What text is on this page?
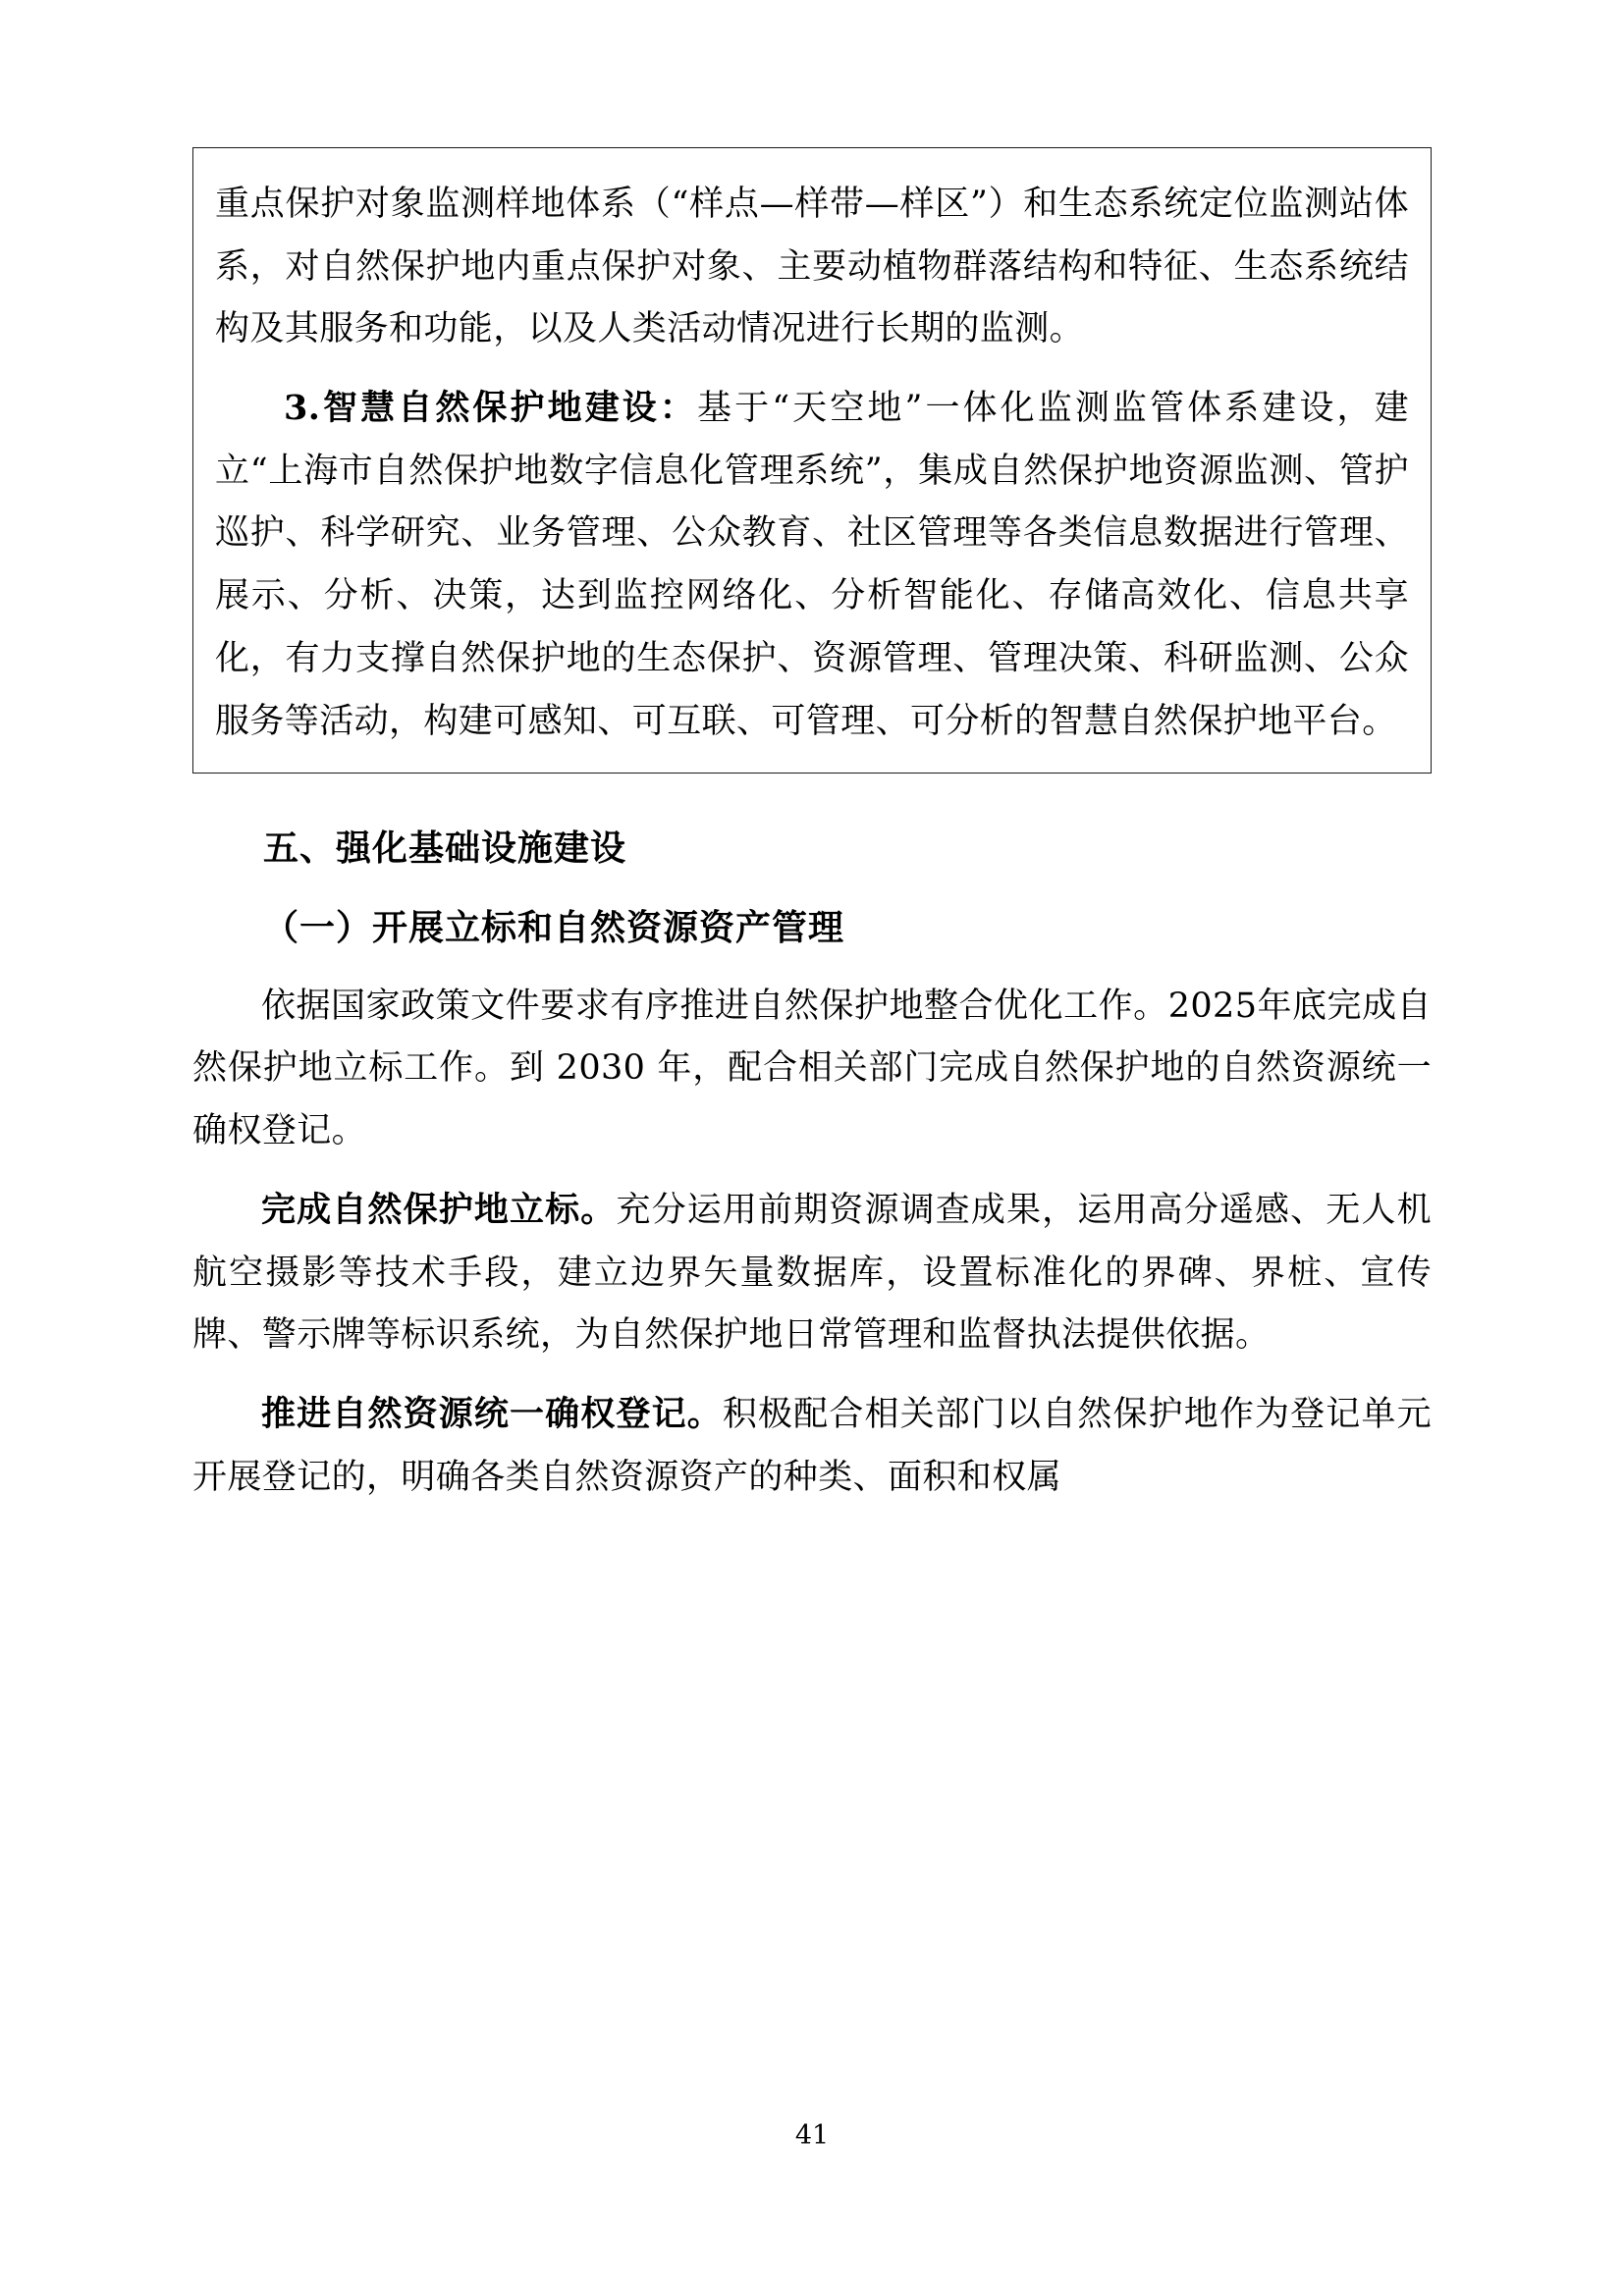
重点保护对象监测样地体系（“样点—样带—样区”）和生态系统定位监测站体系，对自然保护地内重点保护对象、主要动植物群落结构和特征、生态系统结构及其服务和功能，以及人类活动情况进行长期的监测。

3.智慧自然保护地建设：基于“天空地”一体化监测监管体系建设，建立“上海市自然保护地数字信息化管理系统”，集成自然保护地资源监测、管护巡护、科学研究、业务管理、公众教育、社区管理等各类信息数据进行管理、展示、分析、决策，达到监控网络化、分析智能化、存储高效化、信息共享化，有力支撑自然保护地的生态保护、资源管理、管理决策、科研监测、公众服务等活动，构建可感知、可互联、可管理、可分析的智慧自然保护地平台。

五、强化基础设施建设
（一）开展立标和自然资源资产管理

依据国家政策文件要求有序推进自然保护地整合优化工作。2025年底完成自然保护地立标工作。到 2030 年，配合相关部门完成自然保护地的自然资源统一确权登记。

完成自然保护地立标。充分运用前期资源调查成果，运用高分遥感、无人机航空摄影等技术手段，建立边界矢量数据库，设置标准化的界碑、界桩、宣传牌、警示牌等标识系统，为自然保护地日常管理和监督执法提供依据。

推进自然资源统一确权登记。积极配合相关部门以自然保护地作为登记单元开展登记的，明确各类自然资源资产的种类、面积和权属

41
